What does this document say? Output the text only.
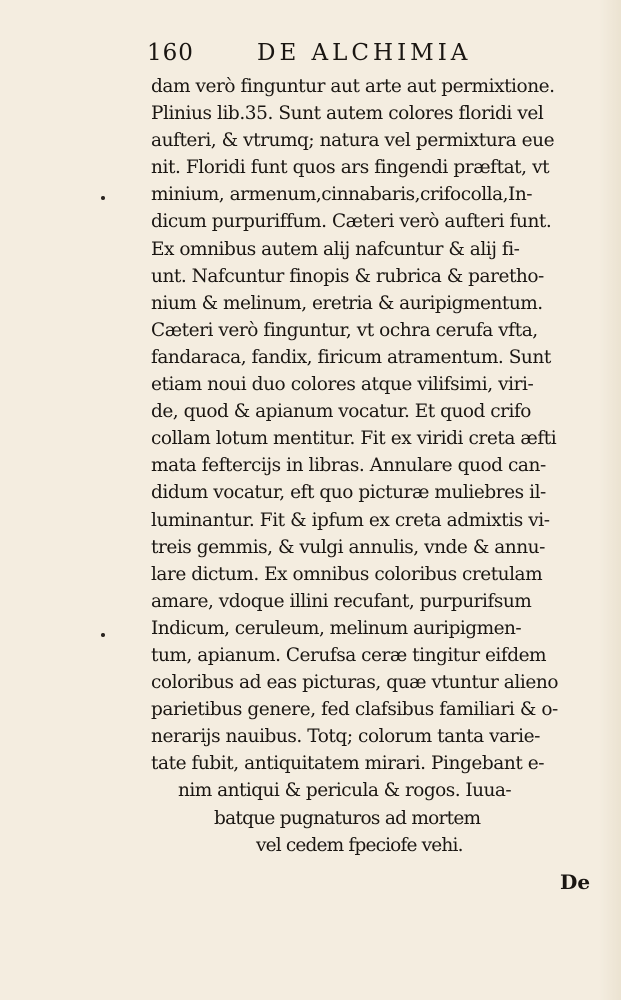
160	DE ALCHIMIA
dam verò finguntur aut arte aut permixtione.
Plinius lib.35. Sunt autem colores floridi vel
aufteri, & vtrumq; natura vel permixtura eue
nit. Floridi funt quos ars fingendi præftat, vt
minium, armenum,cinnabaris,crifocolla,In-
dicum purpuriffum. Cæteri verò aufteri funt.
Ex omnibus autem alij nafcuntur & alij fi-
unt. Nafcuntur finopis & rubrica & paretho-
nium & melinum, eretria & auripigmentum.
Cæteri verò finguntur, vt ochra cerufa vfta,
fandaraca, fandix, firicum atramentum. Sunt
etiam noui duo colores atque vilifsimi, viri-
de, quod & apianum vocatur. Et quod crifo
collam lotum mentitur. Fit ex viridi creta æfti
mata feftercijs in libras. Annulare quod can-
didum vocatur, eft quo picturæ muliebres il-
luminantur. Fit & ipfum ex creta admixtis vi-
treis gemmis, & vulgi annulis, vnde & annu-
lare dictum. Ex omnibus coloribus cretulam
amare, vdoque illini recufant, purpurifsum
Indicum, ceruleum, melinum auripigmen-
tum, apianum. Cerufsa ceræ tingitur eifdem
coloribus ad eas picturas, quæ vtuntur alieno
parietibus genere, fed clafsibus familiari & o-
nerarijs nauibus. Totq; colorum tanta varie-
tate fubit, antiquitatem mirari. Pingebant e-
nim antiqui & pericula & rogos. Iuua-
batque pugnaturos ad mortem
vel cedem fpeciofe vehi.
De
